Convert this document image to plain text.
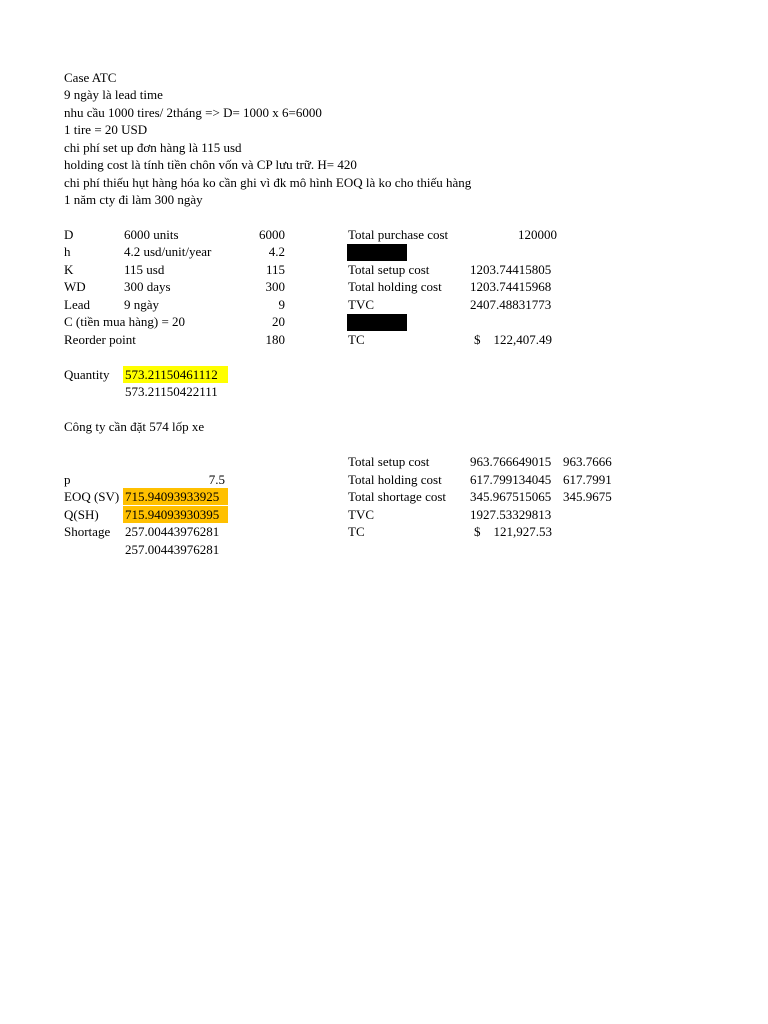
Case ATC
9 ngày là lead time
nhu cầu 1000 tires/ 2tháng => D= 1000 x 6=6000
1 tire = 20 USD
chi phí set up đơn hàng là 115 usd
holding cost là tính tiền chôn vốn và CP lưu trữ. H= 420
chi phí thiếu hụt hàng hóa ko cần ghi vì đk mô hình EOQ là ko cho thiếu hàng
1 năm cty đi làm 300 ngày
D	6000 units	6000
h	4.2 usd/unit/year	4.2
K	115 usd	115
WD	300 days	300
Lead	9 ngày	9
C (tiền mua hàng) = 20	20
Reorder point	180
Total purchase cost	120000
Total setup cost	1203.74415805
Total holding cost 1203.74415968
TVC	2407.48831773
TC	$ 122,407.49
Quantity 573.21150461112
573.21150422111
Công ty cần đặt 574 lốp xe
p	7.5
EOQ (SV) 715.94093933925
Q(SH) 715.94093930395
Shortage 257.00443976281
257.00443976281
Total setup cost	963.766649015 963.7666
Total holding cost 617.799134045 617.7991
Total shortage cost 345.967515065 345.9675
TVC	1927.53329813
TC	$ 121,927.53
